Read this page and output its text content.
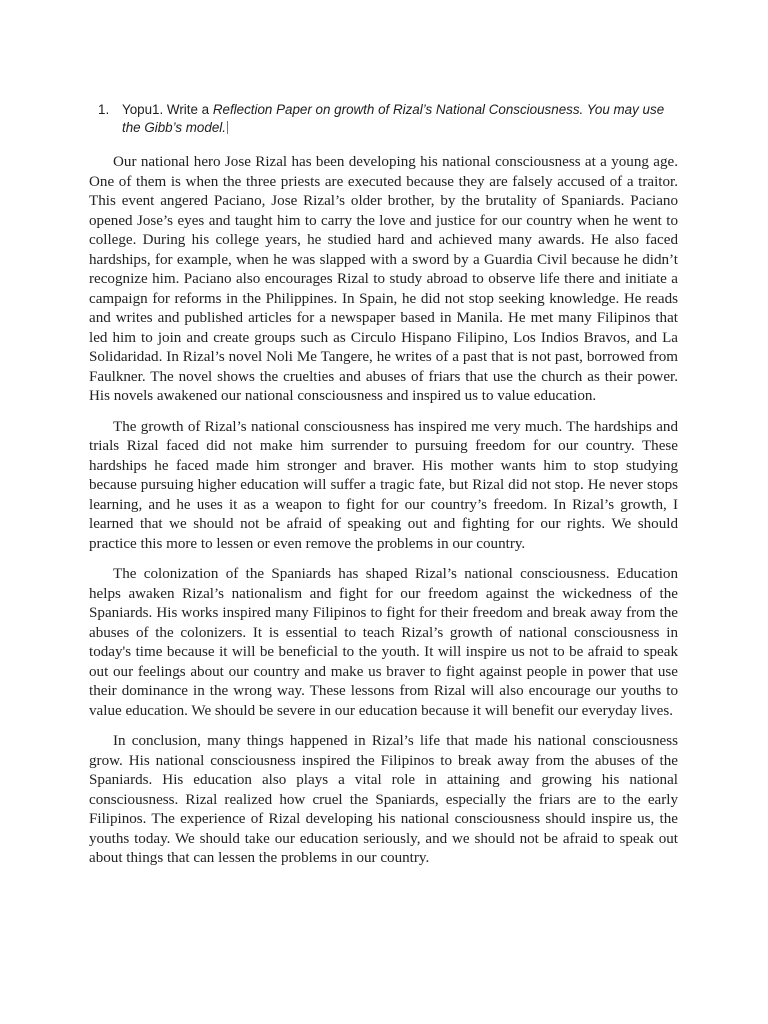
1. Yopu1. Write a Reflection Paper on growth of Rizal’s National Consciousness. You may use the Gibb’s model.

Our national hero Jose Rizal has been developing his national consciousness at a young age. One of them is when the three priests are executed because they are falsely accused of a traitor. This event angered Paciano, Jose Rizal’s older brother, by the brutality of Spaniards. Paciano opened Jose’s eyes and taught him to carry the love and justice for our country when he went to college. During his college years, he studied hard and achieved many awards. He also faced hardships, for example, when he was slapped with a sword by a Guardia Civil because he didn’t recognize him. Paciano also encourages Rizal to study abroad to observe life there and initiate a campaign for reforms in the Philippines. In Spain, he did not stop seeking knowledge. He reads and writes and published articles for a newspaper based in Manila. He met many Filipinos that led him to join and create groups such as Circulo Hispano Filipino, Los Indios Bravos, and La Solidaridad. In Rizal’s novel Noli Me Tangere, he writes of a past that is not past, borrowed from Faulkner. The novel shows the cruelties and abuses of friars that use the church as their power. His novels awakened our national consciousness and inspired us to value education.

The growth of Rizal’s national consciousness has inspired me very much. The hardships and trials Rizal faced did not make him surrender to pursuing freedom for our country. These hardships he faced made him stronger and braver. His mother wants him to stop studying because pursuing higher education will suffer a tragic fate, but Rizal did not stop. He never stops learning, and he uses it as a weapon to fight for our country’s freedom. In Rizal’s growth, I learned that we should not be afraid of speaking out and fighting for our rights. We should practice this more to lessen or even remove the problems in our country.

The colonization of the Spaniards has shaped Rizal’s national consciousness. Education helps awaken Rizal’s nationalism and fight for our freedom against the wickedness of the Spaniards. His works inspired many Filipinos to fight for their freedom and break away from the abuses of the colonizers. It is essential to teach Rizal’s growth of national consciousness in today's time because it will be beneficial to the youth. It will inspire us not to be afraid to speak out our feelings about our country and make us braver to fight against people in power that use their dominance in the wrong way. These lessons from Rizal will also encourage our youths to value education. We should be severe in our education because it will benefit our everyday lives.

In conclusion, many things happened in Rizal’s life that made his national consciousness grow. His national consciousness inspired the Filipinos to break away from the abuses of the Spaniards. His education also plays a vital role in attaining and growing his national consciousness. Rizal realized how cruel the Spaniards, especially the friars are to the early Filipinos. The experience of Rizal developing his national consciousness should inspire us, the youths today. We should take our education seriously, and we should not be afraid to speak out about things that can lessen the problems in our country.
